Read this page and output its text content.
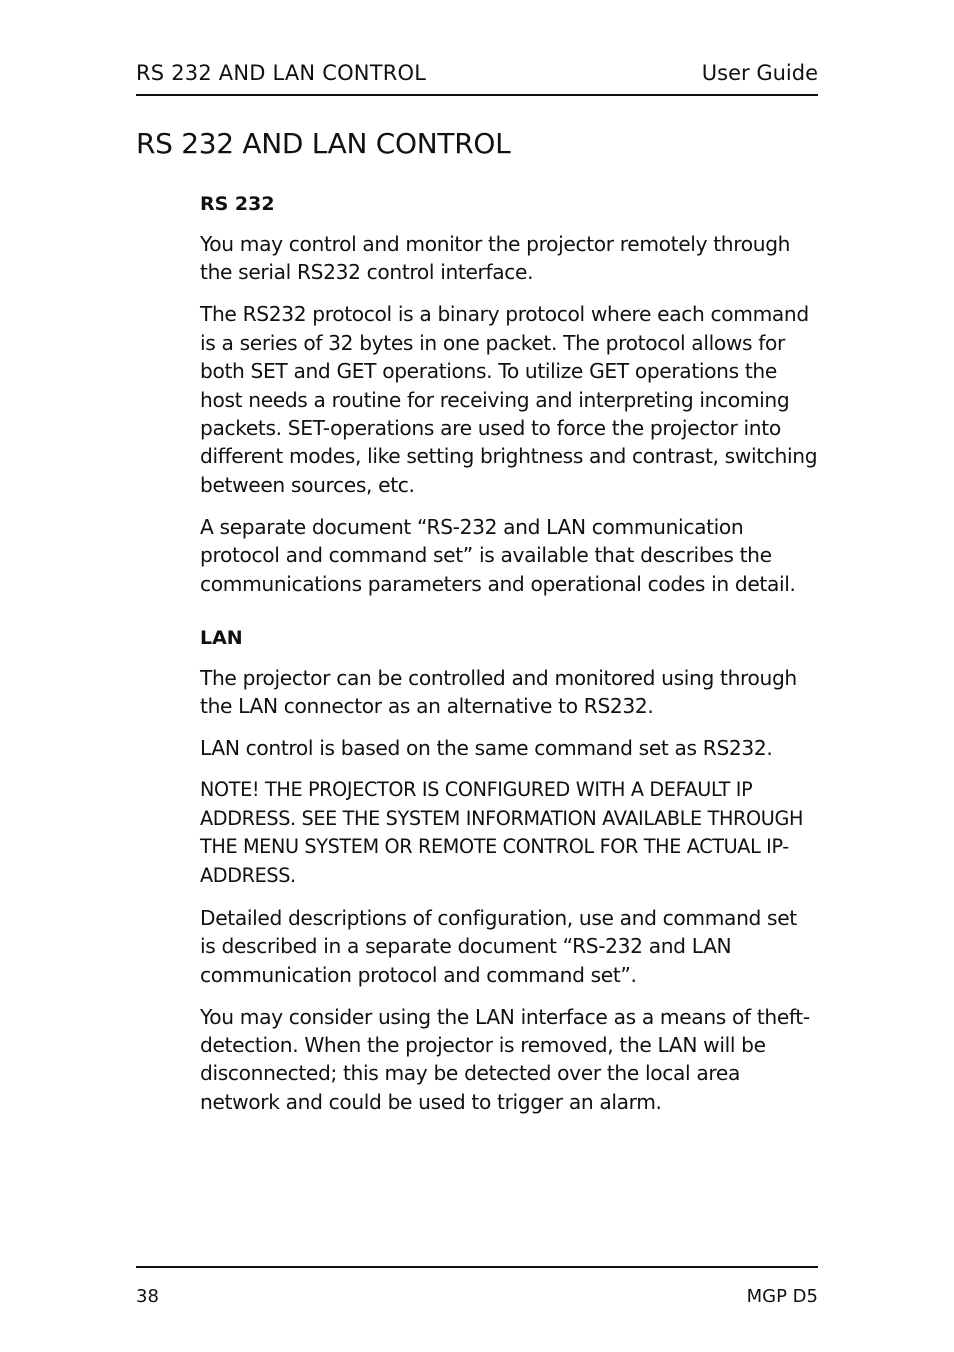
RS 232 AND LAN CONTROL	User Guide
RS 232 AND LAN CONTROL
RS 232

You may control and monitor the projector remotely through the serial RS232 control interface.

The RS232 protocol is a binary protocol where each command is a series of 32 bytes in one packet. The protocol allows for both SET and GET operations. To utilize GET operations the host needs a routine for receiving and interpreting incoming packets. SET-operations are used to force the projector into different modes, like setting brightness and contrast, switching between sources, etc.

A separate document “RS-232 and LAN communication protocol and command set” is available that describes the communications parameters and operational codes in detail.

LAN

The projector can be controlled and monitored using through the LAN connector as an alternative to RS232.

LAN control is based on the same command set as RS232.

NOTE! THE PROJECTOR IS CONFIGURED WITH A DEFAULT IP ADDRESS. SEE THE SYSTEM INFORMATION AVAILABLE THROUGH THE MENU SYSTEM OR REMOTE CONTROL FOR THE ACTUAL IP-ADDRESS.

Detailed descriptions of configuration, use and command set is described in a separate document “RS-232 and LAN communication protocol and command set”.

You may consider using the LAN interface as a means of theft-detection. When the projector is removed, the LAN will be disconnected; this may be detected over the local area network and could be used to trigger an alarm.

38	MGP D5
